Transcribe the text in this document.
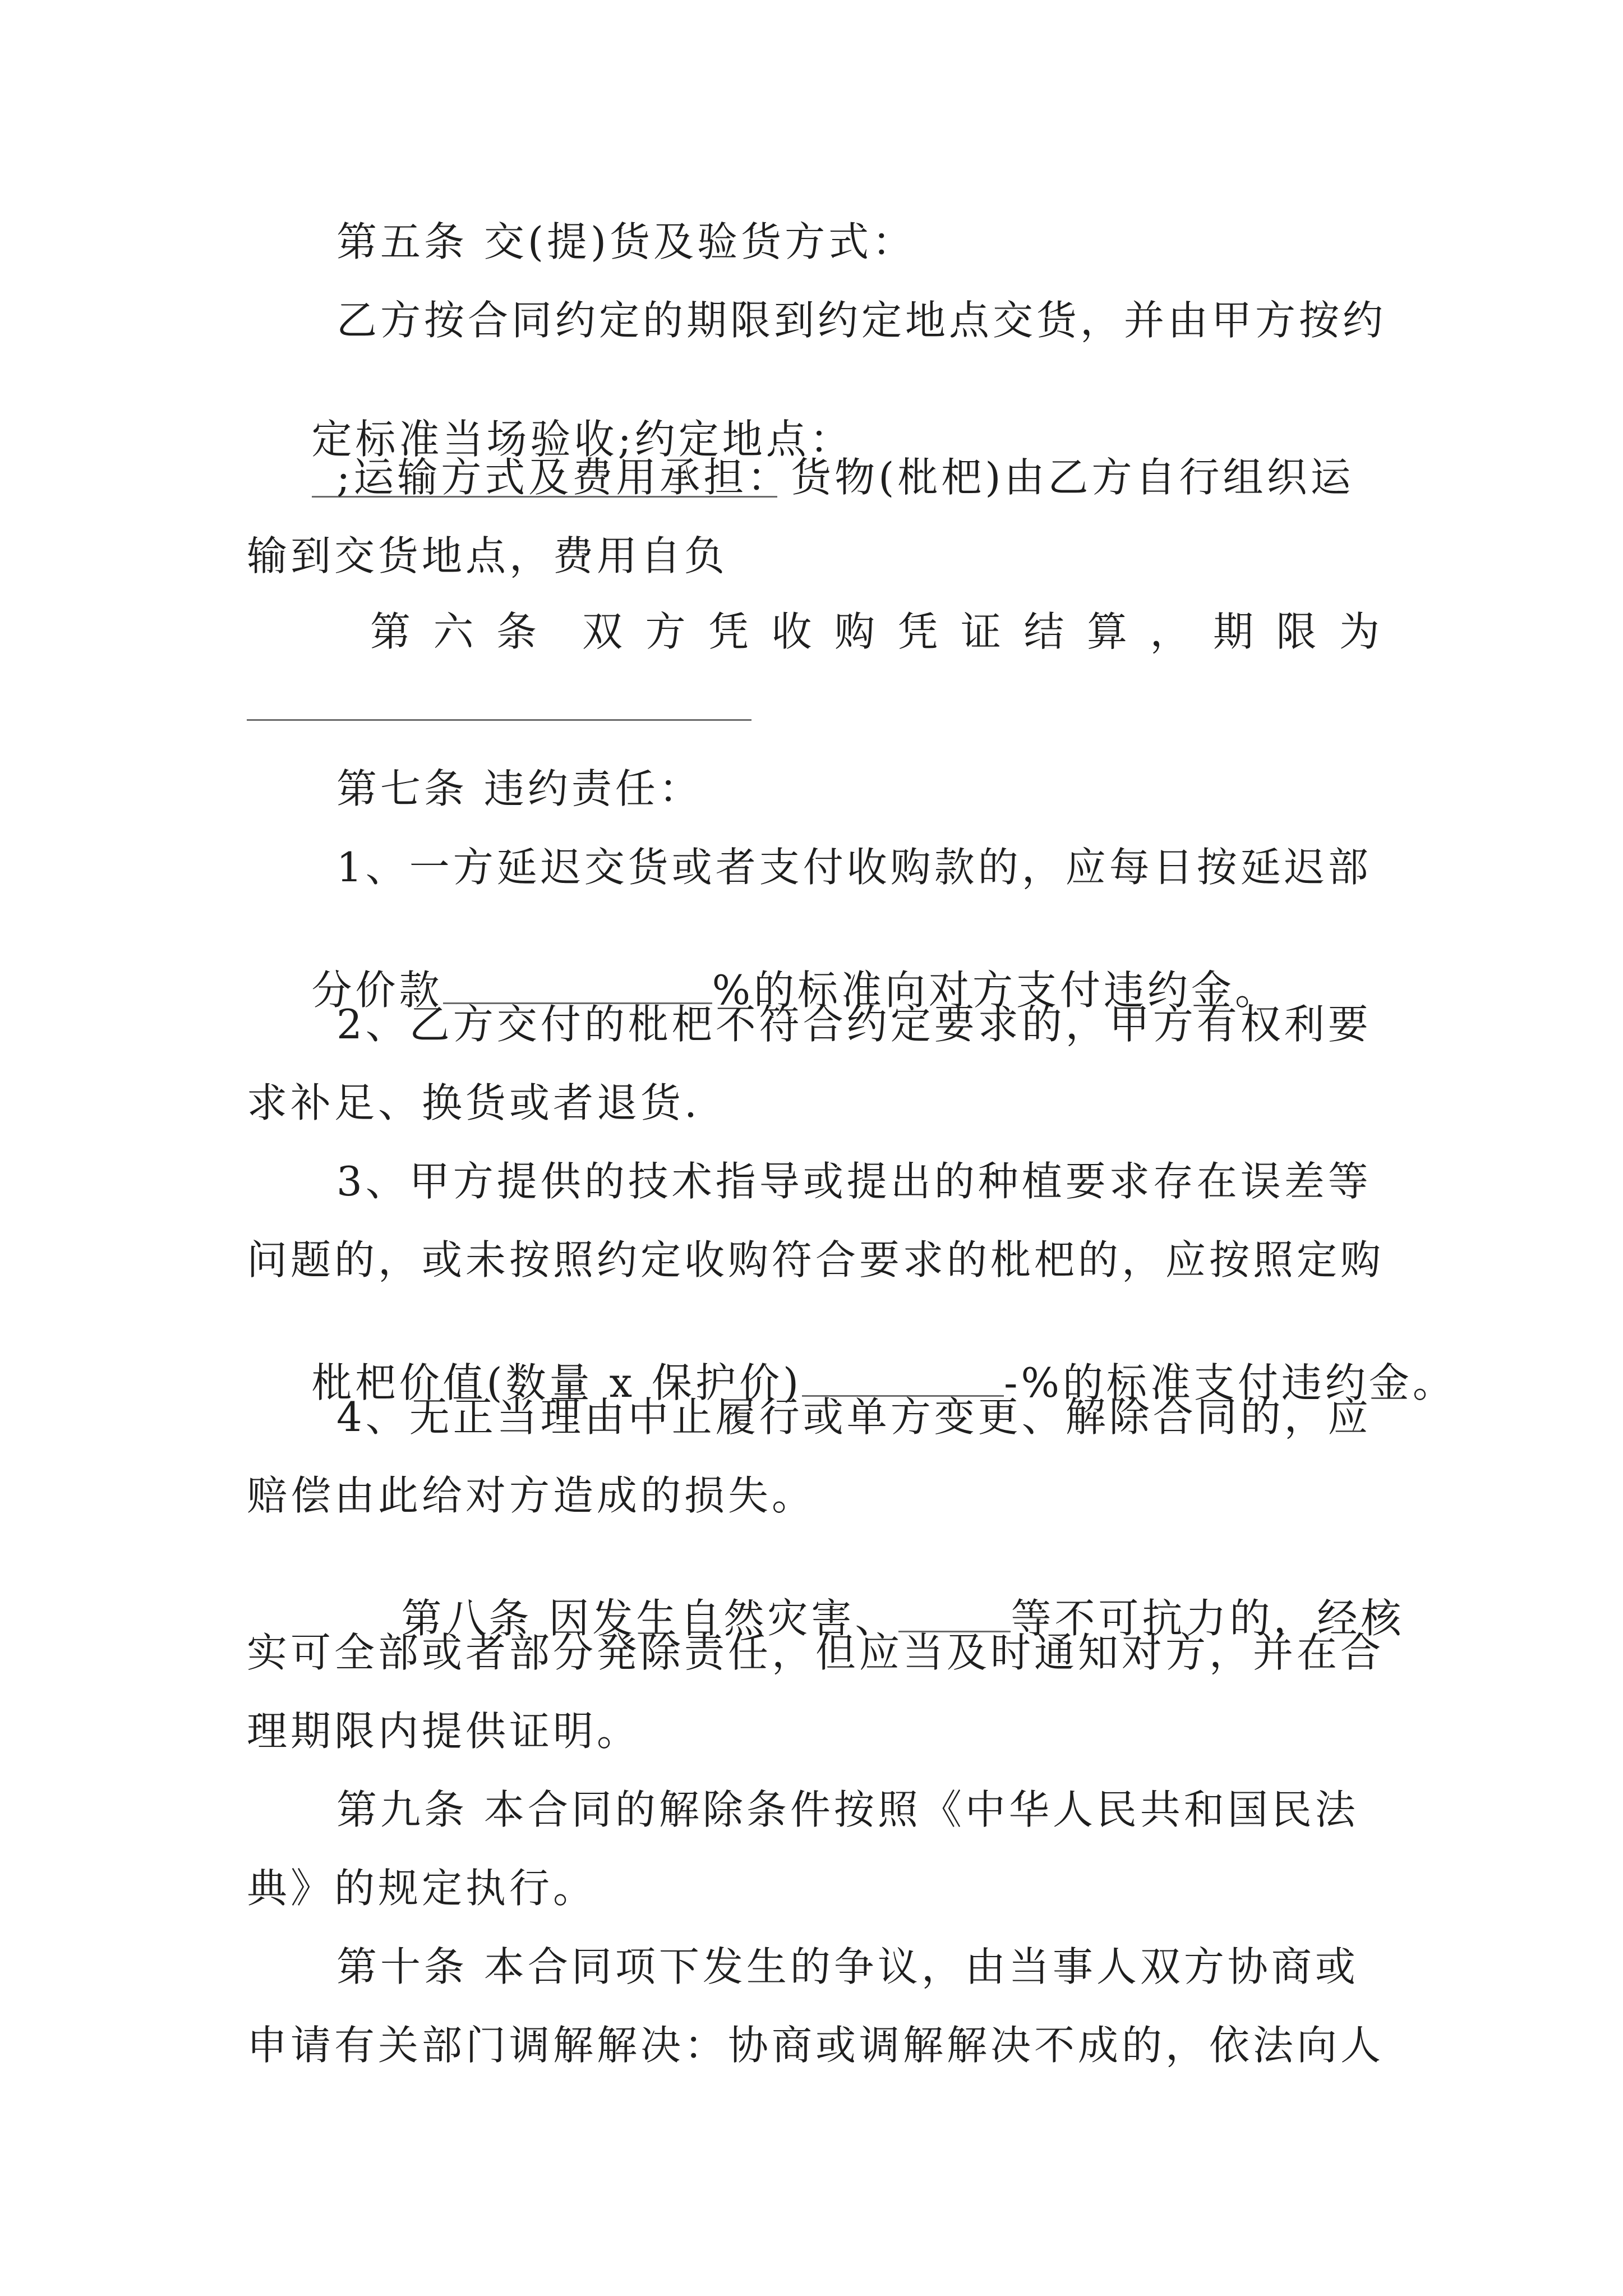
第五条 交(提)货及验货方式：
乙方按合同约定的期限到约定地点交货，并由甲方按约

定标准当场验收;约定地点：

;运输方式及费用承担：货物(枇杷)由乙方自行组织运
输到交货地点，费用自负
第 六 条 双 方 凭 收 购 凭 证 结 算 ， 期 限 为
第七条 违约责任：
1、一方延迟交货或者支付收购款的，应每日按延迟部

分价款	%的标准向对方支付违约金。

2、乙方交付的枇杷不符合约定要求的，甲方有权利要
求补足、换货或者退货.
3、甲方提供的技术指导或提出的种植要求存在误差等
问题的，或未按照约定收购符合要求的枇杷的，应按照定购

枇杷价值(数量 x 保护价)	-%的标准支付违约金。

4、无正当理由中止履行或单方变更、解除合同的，应
赔偿由此给对方造成的损失。

第八条 因发生自然灾害、	等不可抗力的，经核

实可全部或者部分発除责任，但应当及时通知对方，并在合
理期限内提供证明。
第九条 本合同的解除条件按照《中华人民共和国民法
典》的规定执行。
第十条 本合同项下发生的争议，由当事人双方协商或
申请有关部门调解解决：协商或调解解决不成的，依法向人
